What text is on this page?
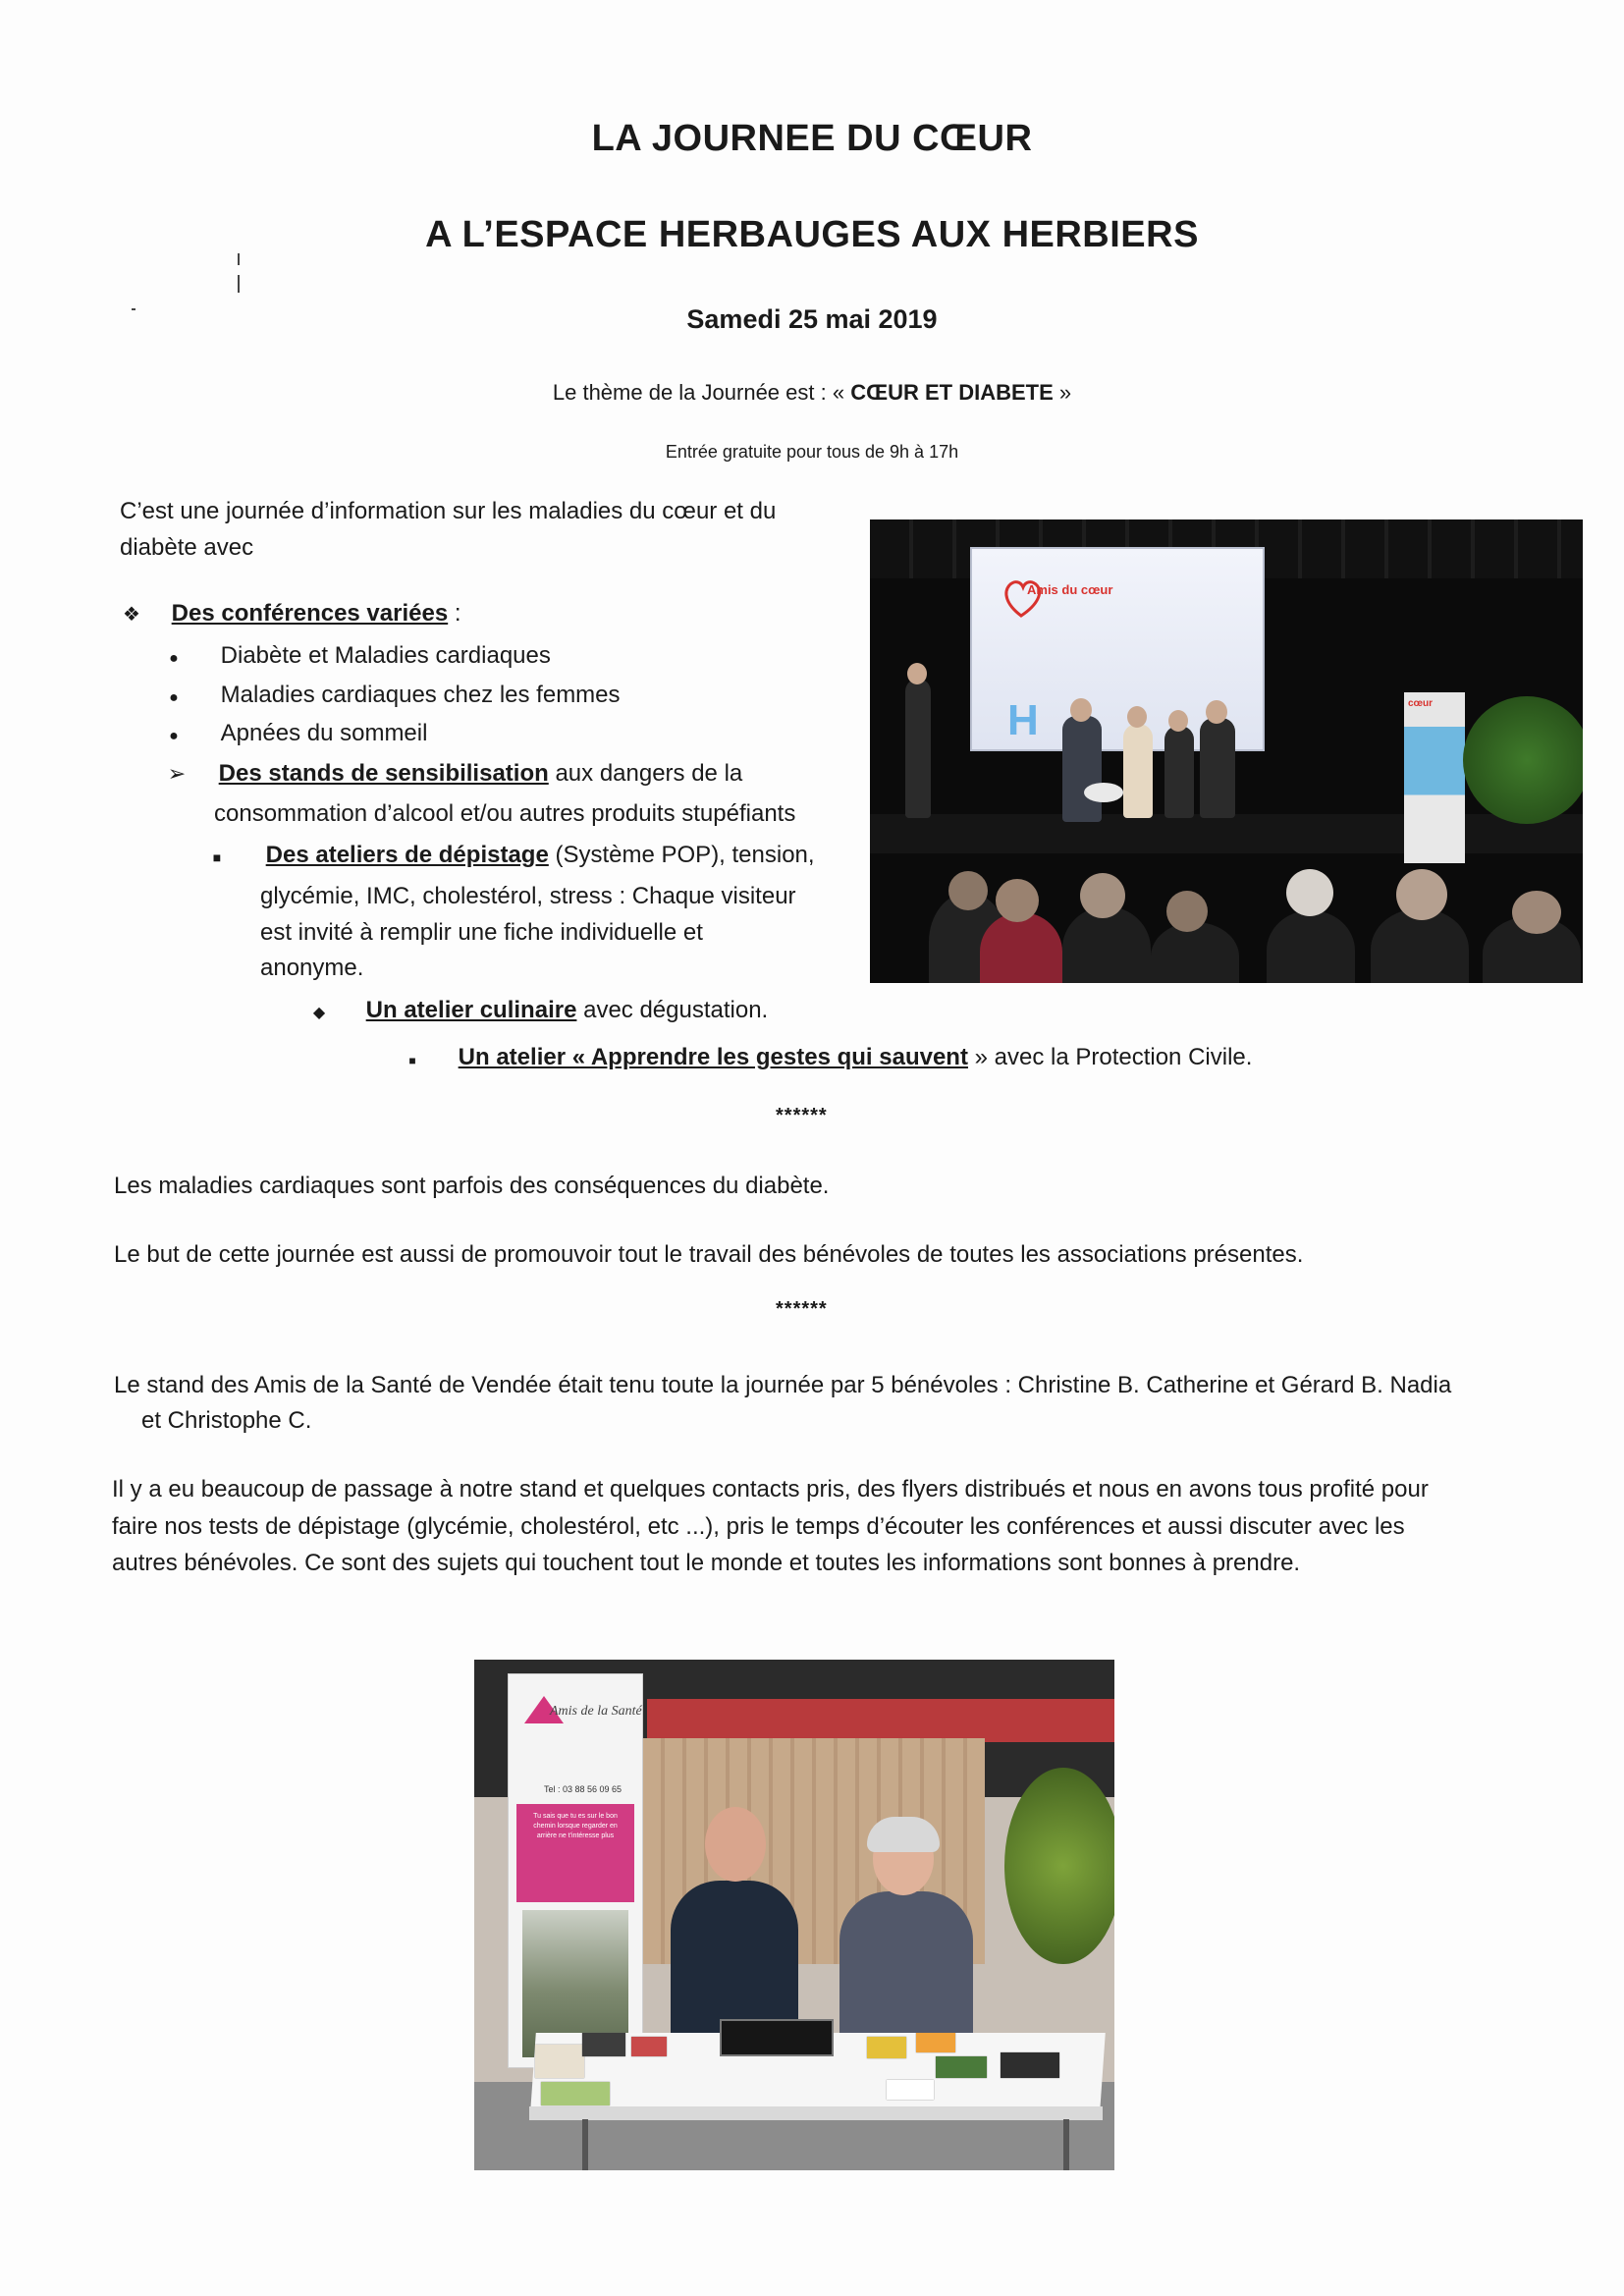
LA JOURNEE DU CŒUR
A L’ESPACE HERBAUGES AUX HERBIERS
Samedi 25 mai 2019
Le thème de la Journée est : « CŒUR ET DIABETE »
Entrée gratuite pour tous de 9h à 17h
C’est une journée d’information sur les maladies du cœur et du
diabète avec
❖ Des conférences variées :
● Diabète et Maladies cardiaques
● Maladies cardiaques chez les femmes
● Apnées du sommeil
➢ Des stands de sensibilisation aux dangers de la
consommation d’alcool et/ou autres produits stupéfiants
■ Des ateliers de dépistage (Système POP), tension,
glycémie, IMC, cholestérol, stress : Chaque visiteur
est invité à remplir une fiche individuelle et
anonyme.
◆ Un atelier culinaire avec dégustation.
■ Un atelier « Apprendre les gestes qui sauvent » avec la Protection Civile.
******
Les maladies cardiaques sont parfois des conséquences du diabète.
Le but de cette journée est aussi de promouvoir tout le travail des bénévoles de toutes les associations présentes.
******
Le stand des Amis de la Santé de Vendée était tenu toute la journée par 5 bénévoles : Christine B. Catherine et Gérard B. Nadia
et Christophe C.
Il y a eu beaucoup de passage à notre stand et quelques contacts pris, des flyers distribués et nous en avons tous profité pour
faire nos tests de dépistage (glycémie, cholestérol, etc ...), pris le temps d’écouter les conférences et aussi discuter avec les
autres bénévoles. Ce sont des sujets qui touchent tout le monde et toutes les informations sont bonnes à prendre.
Amis du cœur
H	cœur
Amis de la Santé
Tel : 03 88 56 09 65
Tu sais que tu es sur le bon chemin lorsque regarder en arrière ne t'intéresse plus
